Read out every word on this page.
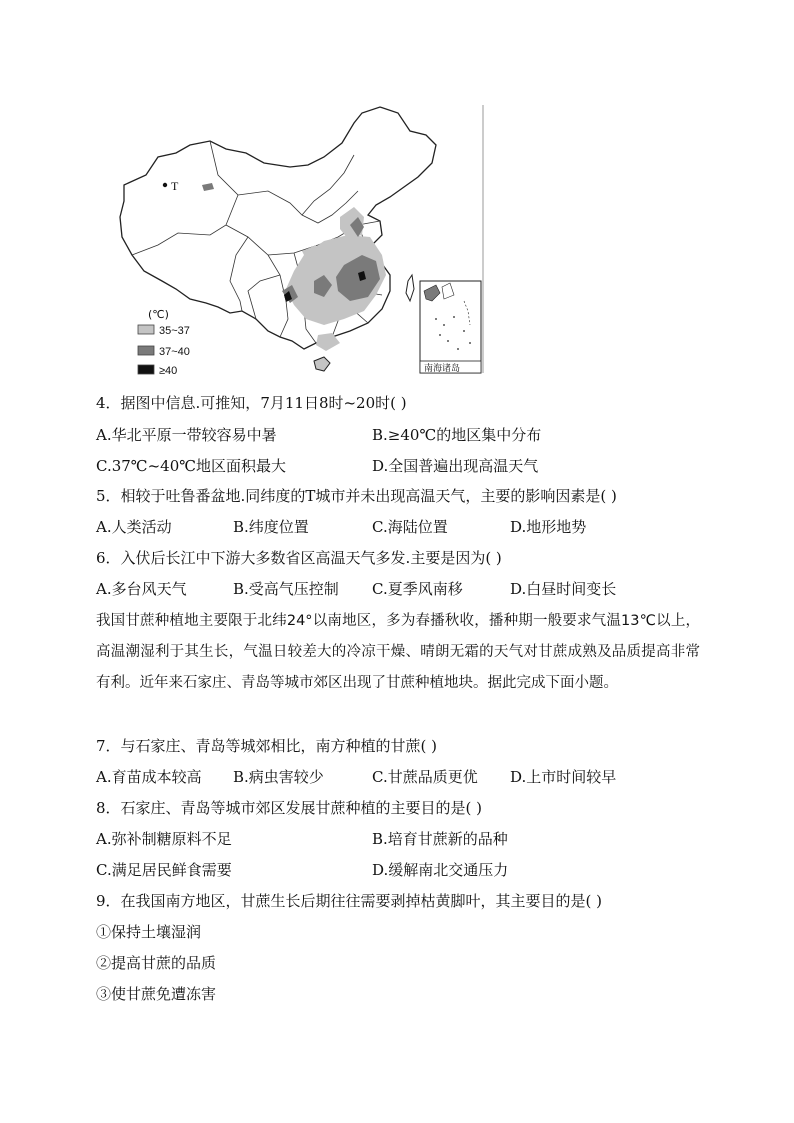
T
(℃)
35~37
37~40
≥40	南海诸岛
4．据图中信息.可推知，7月11日8时~20时( )
A.华北平原一带较容易中暑	B.≥40℃的地区集中分布
C.37℃~40℃地区面积最大	D.全国普遍出现高温天气
5．相较于吐鲁番盆地.同纬度的T城市并未出现高温天气，主要的影响因素是( )
A.人类活动	B.纬度位置	C.海陆位置	D.地形地势
6．入伏后长江中下游大多数省区高温天气多发.主要是因为( )
A.多台风天气	B.受高气压控制 C.夏季风南移	D.白昼时间变长
我国甘蔗种植地主要限于北纬24°以南地区，多为春播秋收，播种期一般要求气温13℃以上，高温潮湿利于其生长，气温日较差大的冷凉干燥、晴朗无霜的天气对甘蔗成熟及品质提高非常有利。近年来石家庄、青岛等城市郊区出现了甘蔗种植地块。据此完成下面小题。
7．与石家庄、青岛等城郊相比，南方种植的甘蔗( )
A.育苗成本较高 B.病虫害较少	C.甘蔗品质更优 D.上市时间较早
8．石家庄、青岛等城市郊区发展甘蔗种植的主要目的是( )
A.弥补制糖原料不足	B.培育甘蔗新的品种
C.满足居民鲜食需要	D.缓解南北交通压力
9．在我国南方地区，甘蔗生长后期往往需要剥掉枯黄脚叶，其主要目的是( )
①保持土壤湿润
②提高甘蔗的品质
③使甘蔗免遭冻害
